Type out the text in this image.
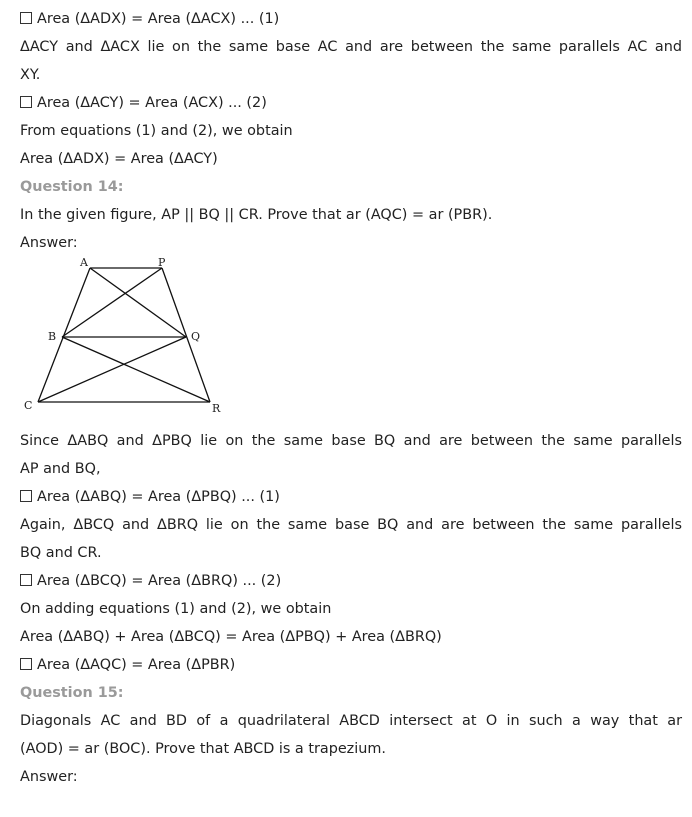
Area (ΔADX) = Area (ΔACX) ... (1)

ΔACY and ΔACX lie on the same base AC and are between the same parallels AC and

XY.

Area (ΔACY) = Area (ACX) ... (2)

From equations (1) and (2), we obtain

Area (ΔADX) = Area (ΔACY)

Question 14:

In the given figure, AP || BQ || CR. Prove that ar (AQC) = ar (PBR).

Answer:

A	P
B	Q
C	R

Since ΔABQ and ΔPBQ lie on the same base BQ and are between the same parallels

AP and BQ,

Area (ΔABQ) = Area (ΔPBQ) ... (1)

Again, ΔBCQ and ΔBRQ lie on the same base BQ and are between the same parallels

BQ and CR.

Area (ΔBCQ) = Area (ΔBRQ) ... (2)

On adding equations (1) and (2), we obtain

Area (ΔABQ) + Area (ΔBCQ) = Area (ΔPBQ) + Area (ΔBRQ)

Area (ΔAQC) = Area (ΔPBR)

Question 15:

Diagonals AC and BD of a quadrilateral ABCD intersect at O in such a way that ar

(AOD) = ar (BOC). Prove that ABCD is a trapezium.

Answer:
